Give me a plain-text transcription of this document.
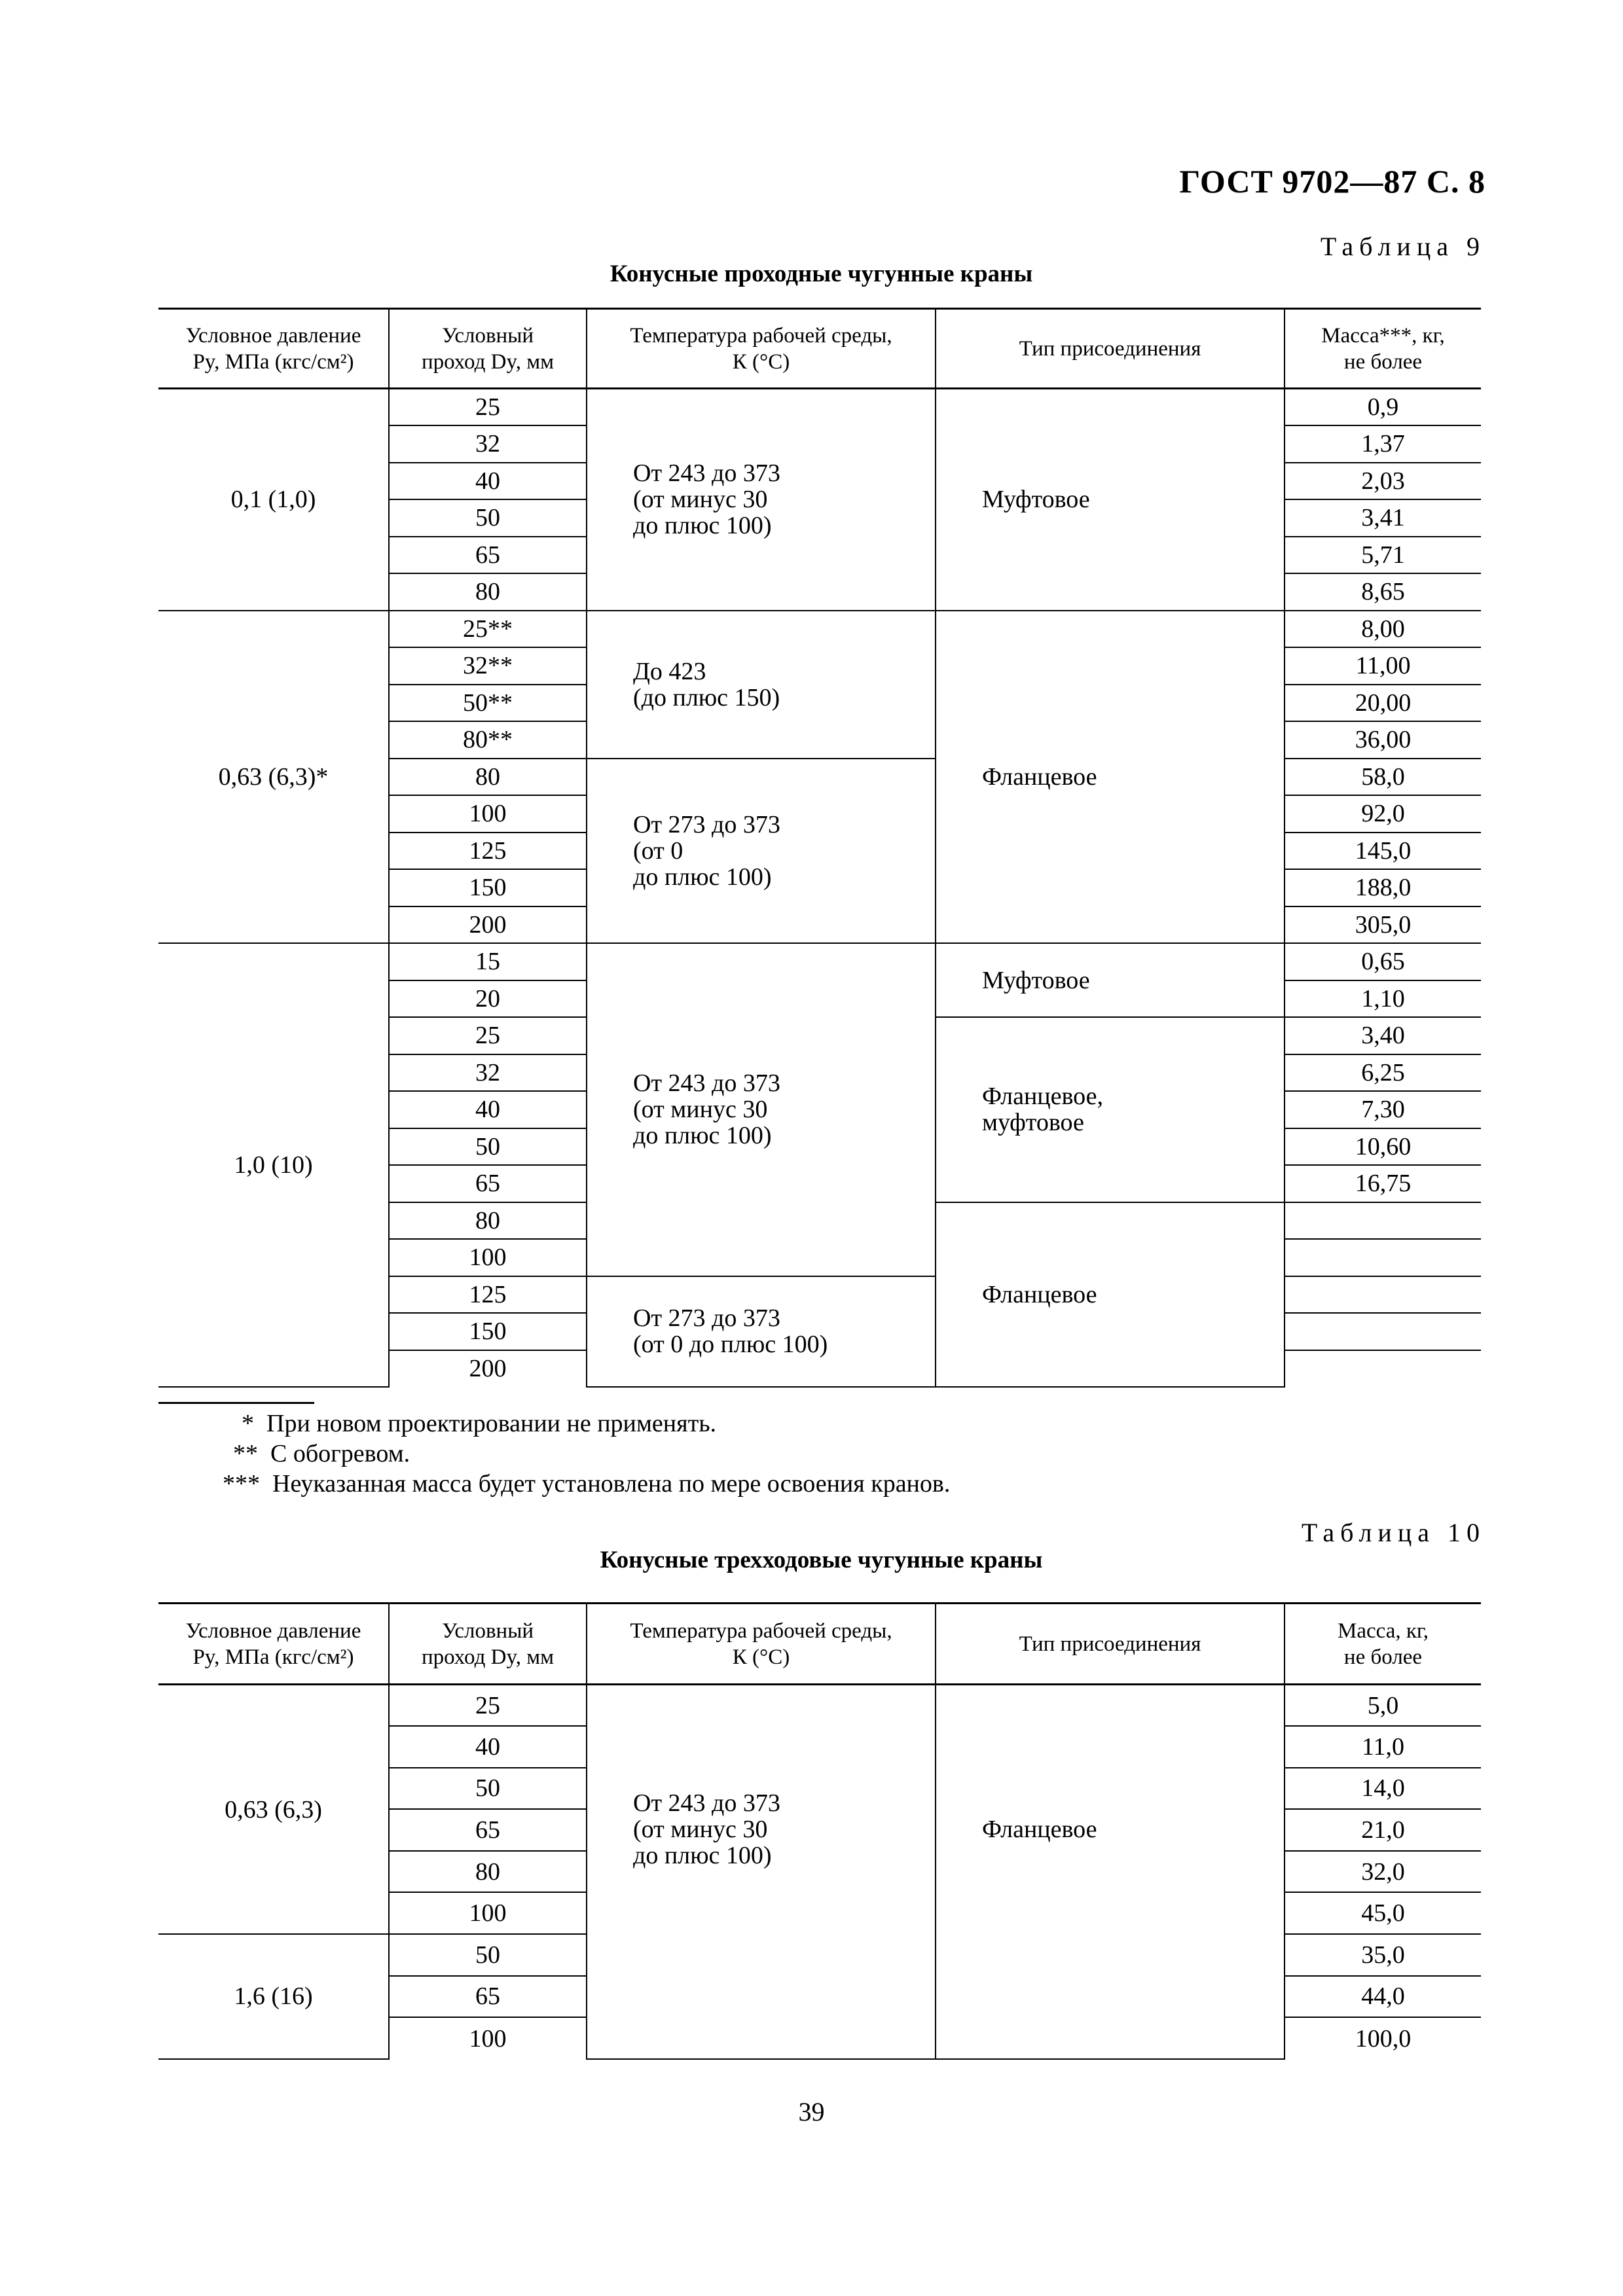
ГОСТ 9702—87 С. 8
Таблица 9
Конусные проходные чугунные краны
Условное давление
Py, МПа (кгс/см²)	Условный
проход Dy, мм	Температура рабочей среды,
К (°С)	Тип присоединения	Масса***, кг,
не более

0,1 (1,0)	25	От 243 до 373
(от минус 30
до плюс 100)	Муфтовое	0,9
	32			1,37
	40			2,03
	50			3,41
	65			5,71
	80			8,65
0,63 (6,3)*	25**	До 423
(до плюс 150)	Фланцевое	8,00
	32**			11,00
	50**			20,00
	80**			36,00
	80	От 273 до 373
(от 0
до плюс 100)		58,0
	100			92,0
	125			145,0
	150			188,0
	200			305,0
1,0 (10)	15	От 243 до 373
(от минус 30
до плюс 100)	Муфтовое	0,65
	20			1,10
	25		Фланцевое,
муфтовое	3,40
	32			6,25
	40			7,30
	50			10,60
	65			16,75
	80		Фланцевое	

	100			
	125	От 273 до 373
(от 0 до плюс 100)		

	150			
	200			
*  При новом проектировании не применять.
**  С обогревом.
***  Неуказанная масса будет установлена по мере освоения кранов.
Таблица 10
Конусные трехходовые чугунные краны
Условное давление
Py, МПа (кгс/см²)	Условный
проход Dy, мм	Температура рабочей среды,
К (°С)	Тип присоединения	Масса, кг,
не более

0,63 (6,3)	25	От 243 до 373
(от минус 30
до плюс 100)	Фланцевое	5,0
	40			11,0
	50			14,0
	65			21,0
	80			32,0
	100			45,0
1,6 (16)	50			35,0
	65			44,0
	100			100,0
39
